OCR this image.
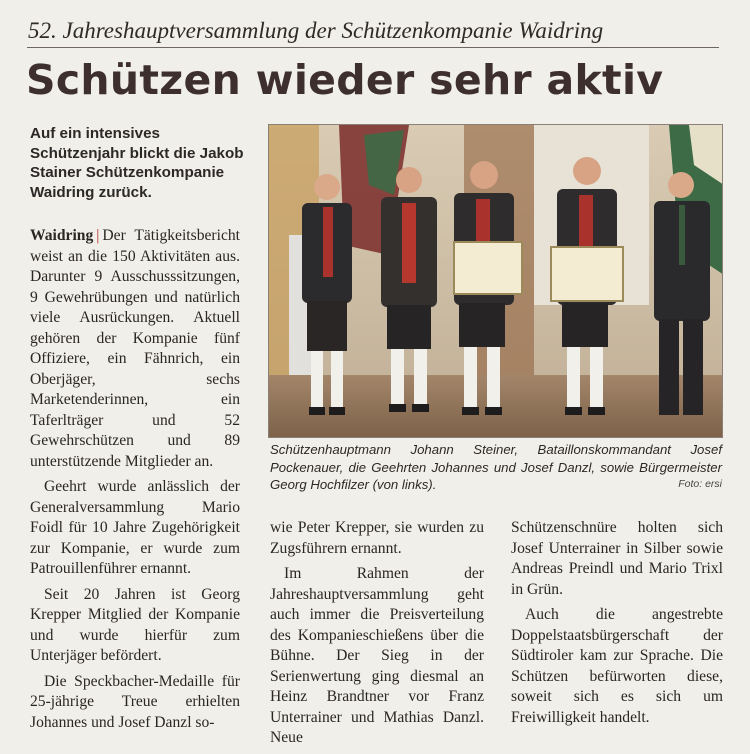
52. Jahreshauptversammlung der Schützenkompanie Waidring
Schützen wieder sehr aktiv
Auf ein intensives Schützenjahr blickt die Jakob Stainer Schützenkompanie Waidring zurück.

Waidring | Der Tätigkeitsbericht weist an die 150 Aktivitäten aus. Darunter 9 Ausschusssitzungen, 9 Gewehrübungen und natürlich viele Ausrückungen. Aktuell gehören der Kompanie fünf Offiziere, ein Fähnrich, ein Oberjäger, sechs Marketenderinnen, ein Taferlträger und 52 Gewehrschützen und 89 unterstützende Mitglieder an.

Geehrt wurde anlässlich der Generalversammlung Mario Foidl für 10 Jahre Zugehörigkeit zur Kompanie, er wurde zum Patrouillenführer ernannt.

Seit 20 Jahren ist Georg Krepper Mitglied der Kompanie und wurde hierfür zum Unterjäger befördert.

Die Speckbacher-Medaille für 25-jährige Treue erhielten Johannes und Josef Danzl so-

Schützenhauptmann Johann Steiner, Bataillonskommandant Josef Pockenauer, die Geehrten Johannes und Josef Danzl, sowie Bürgermeister Georg Hochfilzer (von links).	Foto: ersi

wie Peter Krepper, sie wurden zu Zugsführern ernannt.

Im Rahmen der Jahreshauptversammlung geht auch immer die Preisverteilung des Kompanieschießens über die Bühne. Der Sieg in der Serienwertung ging diesmal an Heinz Brandtner vor Franz Unterrainer und Mathias Danzl. Neue

Schützenschnüre holten sich Josef Unterrainer in Silber sowie Andreas Preindl und Mario Trixl in Grün.

Auch die angestrebte Doppelstaatsbürgerschaft der Südtiroler kam zur Sprache. Die Schützen befürworten diese, soweit sich es sich um Freiwilligkeit handelt.
